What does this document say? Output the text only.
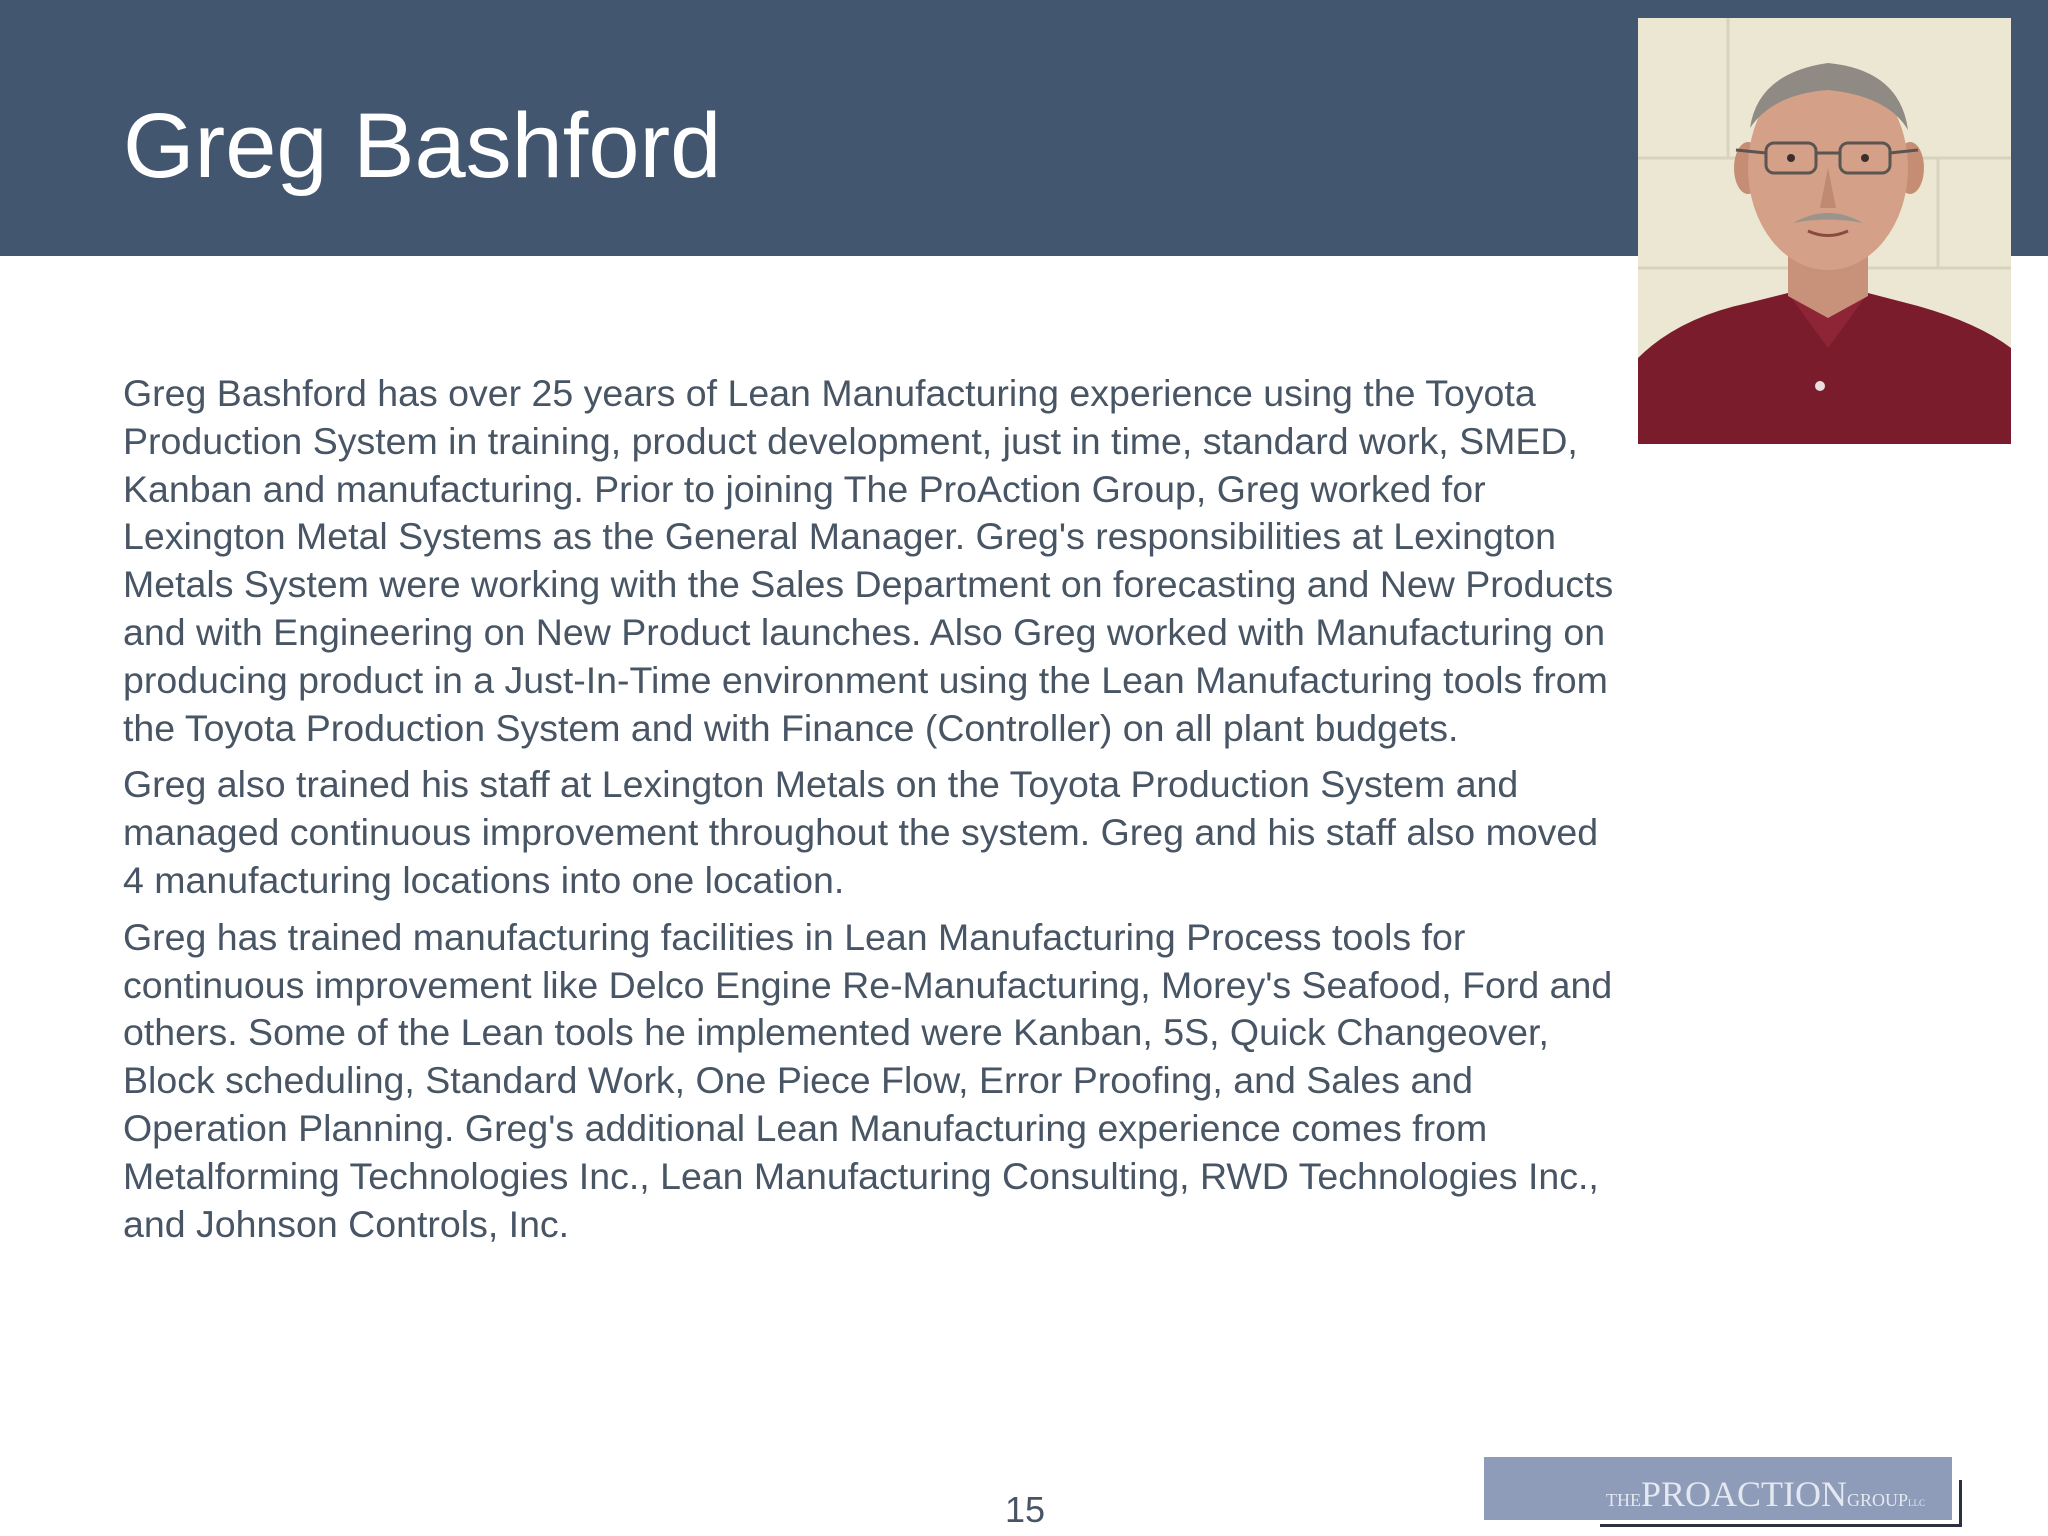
Greg Bashford

Greg Bashford has over 25 years of Lean Manufacturing experience using the Toyota Production System in training, product development, just in time, standard work, SMED, Kanban and manufacturing. Prior to joining The ProAction Group, Greg worked for Lexington Metal Systems as the General Manager. Greg's responsibilities at Lexington Metals System were working with the Sales Department on forecasting and New Products and with Engineering on New Product launches. Also Greg worked with Manufacturing on producing product in a Just-In-Time environment using the Lean Manufacturing tools from the Toyota Production System and with Finance (Controller) on all plant budgets.

Greg also trained his staff at Lexington Metals on the Toyota Production System and managed continuous improvement throughout the system. Greg and his staff also moved 4 manufacturing locations into one location.

Greg has trained manufacturing facilities in Lean Manufacturing Process tools for continuous improvement like Delco Engine Re-Manufacturing, Morey's Seafood, Ford and others. Some of the Lean tools he implemented were Kanban, 5S, Quick Changeover, Block scheduling, Standard Work, One Piece Flow, Error Proofing, and Sales and Operation Planning. Greg's additional Lean Manufacturing experience comes from Metalforming Technologies Inc., Lean Manufacturing Consulting, RWD Technologies Inc., and Johnson Controls, Inc.

15	THEPROACTIONGROUPLLC
